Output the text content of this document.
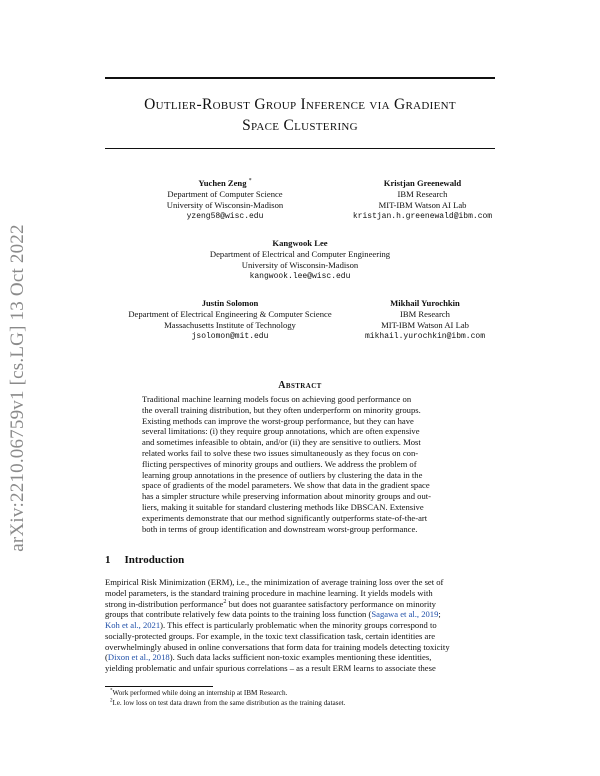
arXiv:2210.06759v1 [cs.LG] 13 Oct 2022
Outlier-Robust Group Inference via Gradient
Space Clustering
Yuchen Zeng *
Department of Computer Science
University of Wisconsin-Madison
yzeng58@wisc.edu
Kristjan Greenewald
IBM Research
MIT-IBM Watson AI Lab
kristjan.h.greenewald@ibm.com
Kangwook Lee
Department of Electrical and Computer Engineering
University of Wisconsin-Madison
kangwook.lee@wisc.edu
Justin Solomon
Department of Electrical Engineering & Computer Science
Massachusetts Institute of Technology
jsolomon@mit.edu
Mikhail Yurochkin
IBM Research
MIT-IBM Watson AI Lab
mikhail.yurochkin@ibm.com
Abstract
Traditional machine learning models focus on achieving good performance on
the overall training distribution, but they often underperform on minority groups.
Existing methods can improve the worst-group performance, but they can have
several limitations: (i) they require group annotations, which are often expensive
and sometimes infeasible to obtain, and/or (ii) they are sensitive to outliers. Most
related works fail to solve these two issues simultaneously as they focus on con-
flicting perspectives of minority groups and outliers. We address the problem of
learning group annotations in the presence of outliers by clustering the data in the
space of gradients of the model parameters. We show that data in the gradient space
has a simpler structure while preserving information about minority groups and out-
liers, making it suitable for standard clustering methods like DBSCAN. Extensive
experiments demonstrate that our method significantly outperforms state-of-the-art
both in terms of group identification and downstream worst-group performance.
1 Introduction
Empirical Risk Minimization (ERM), i.e., the minimization of average training loss over the set of
model parameters, is the standard training procedure in machine learning. It yields models with
strong in-distribution performance$^2$ but does not guarantee satisfactory performance on minority
groups that contribute relatively few data points to the training loss function (Sagawa et al., 2019;
Koh et al., 2021). This effect is particularly problematic when the minority groups correspond to
socially-protected groups. For example, in the toxic text classification task, certain identities are
overwhelmingly abused in online conversations that form data for training models detecting toxicity
(Dixon et al., 2018). Such data lacks sufficient non-toxic examples mentioning these identities,
yielding problematic and unfair spurious correlations – as a result ERM learns to associate these
*Work performed while doing an internship at IBM Research.
$^2$I.e. low loss on test data drawn from the same distribution as the training dataset.
